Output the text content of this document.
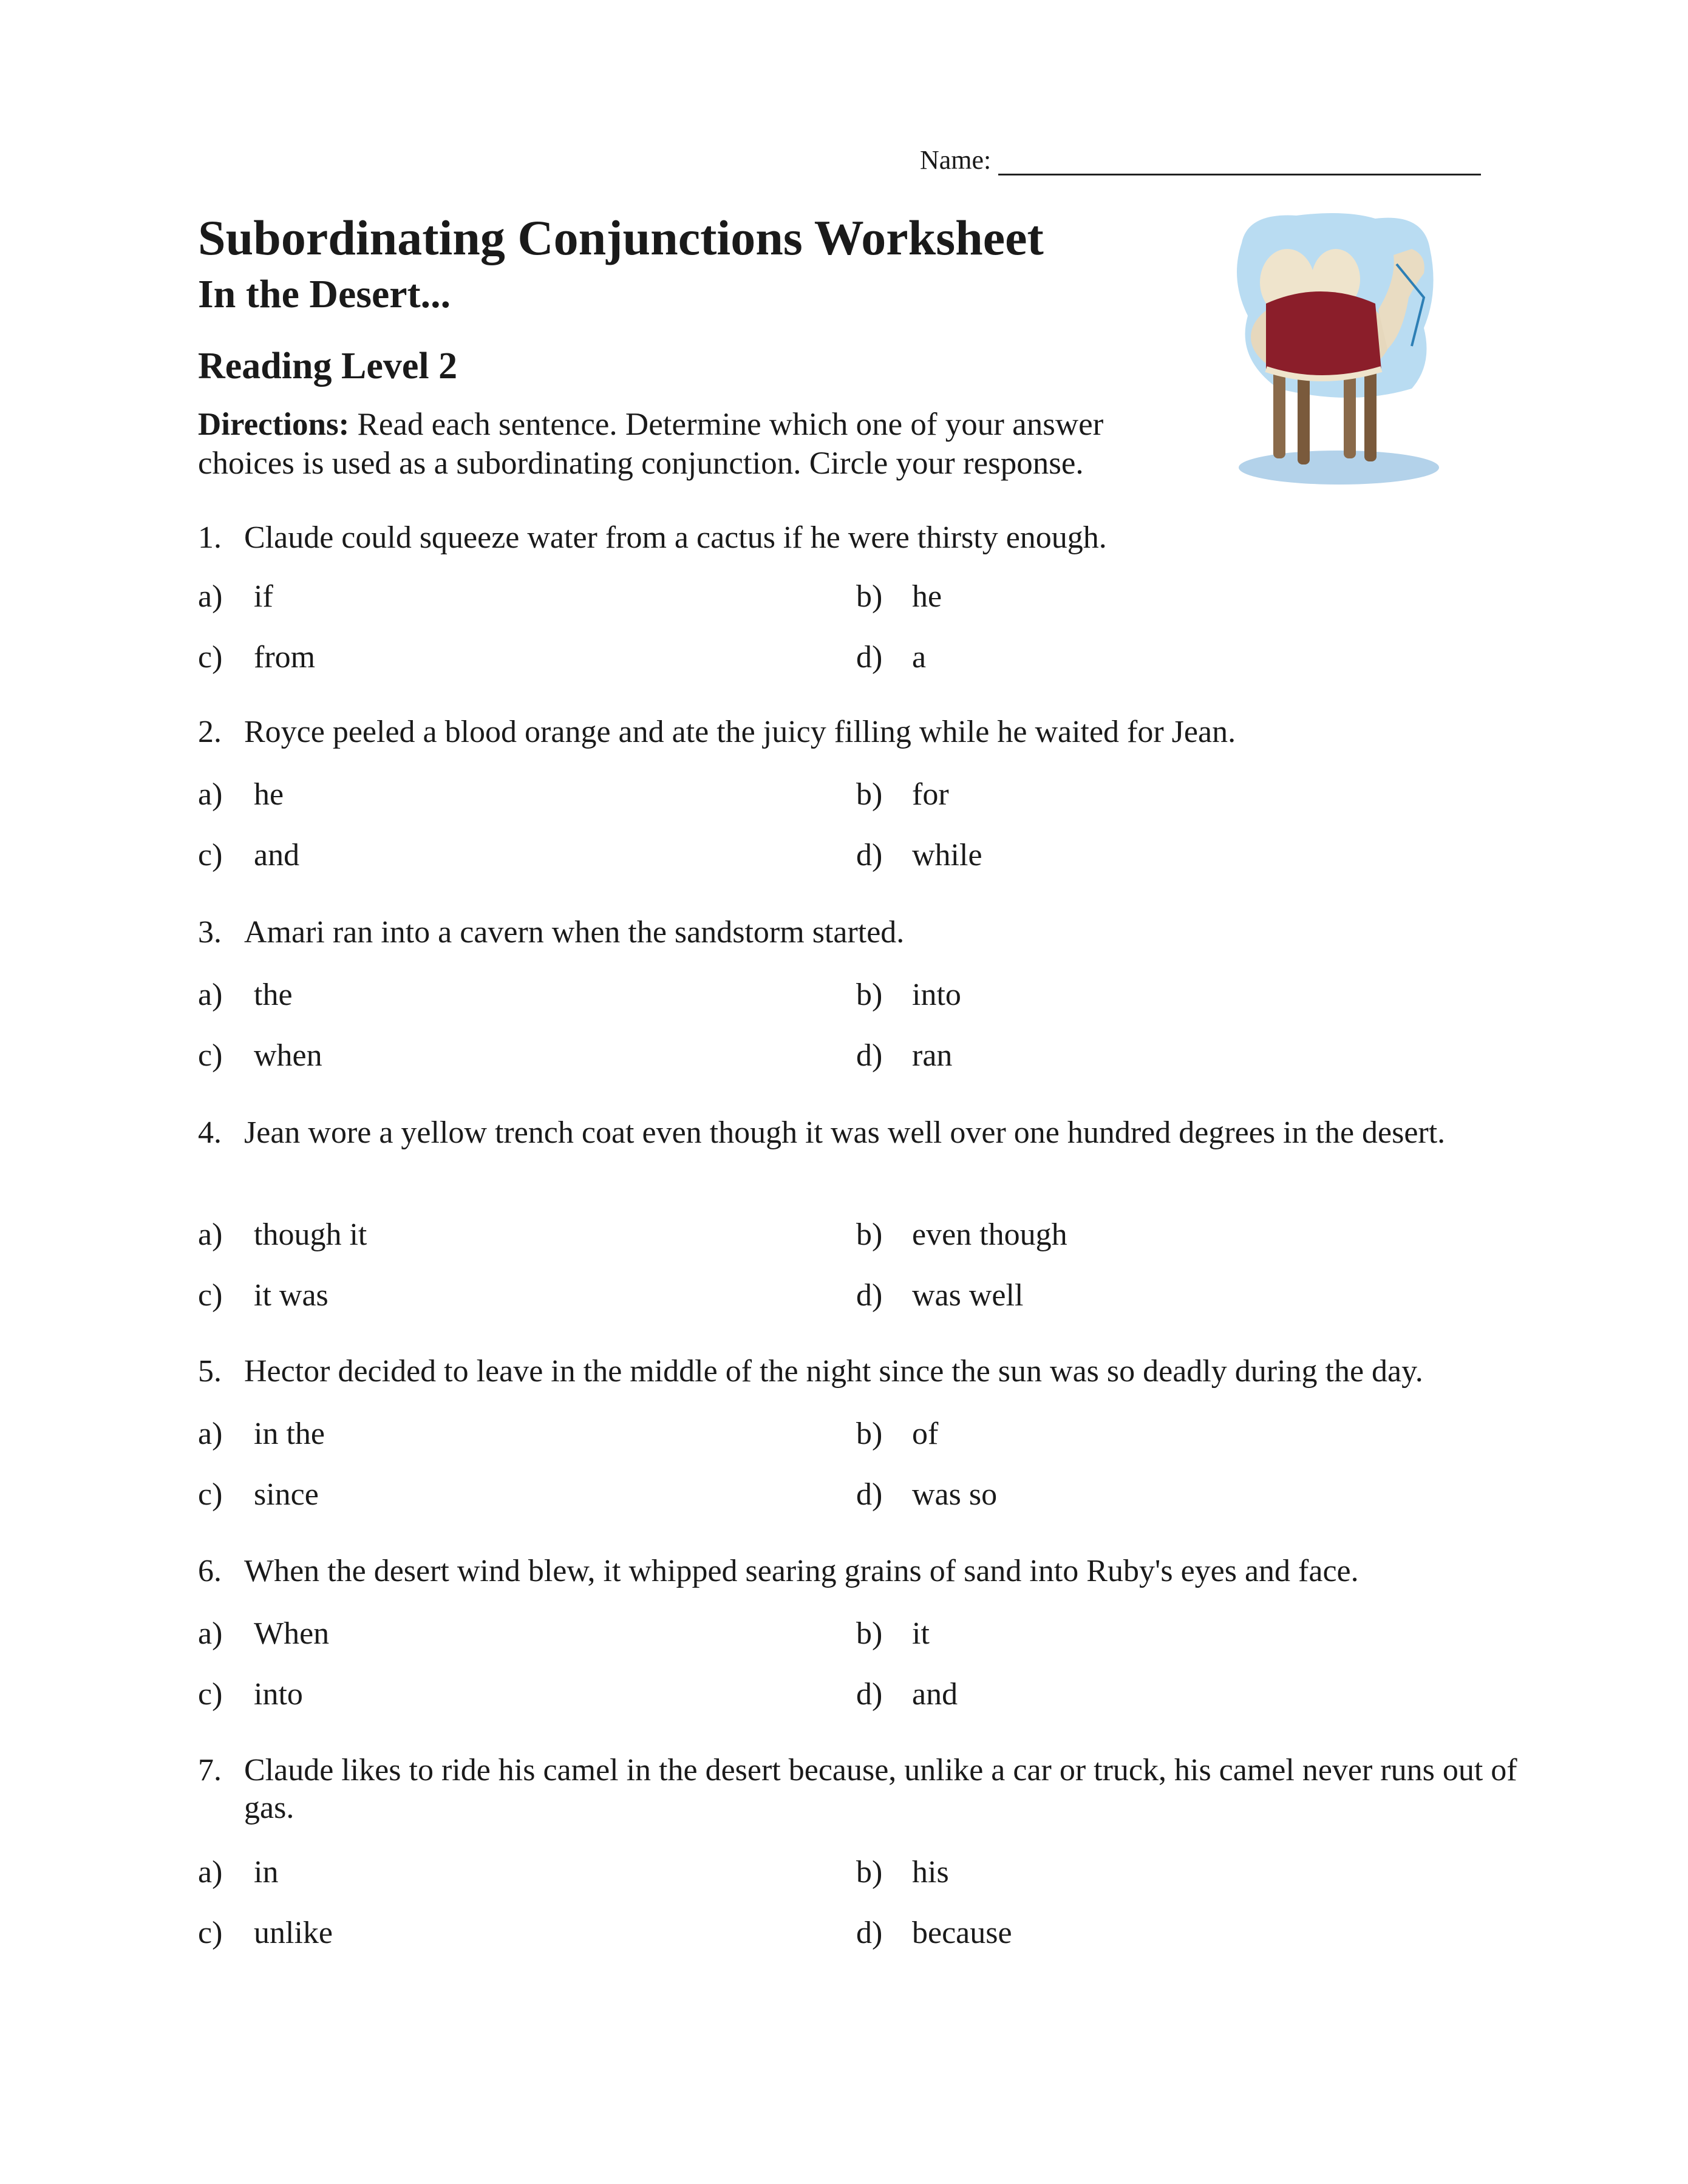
Name:
Subordinating Conjunctions Worksheet
In the Desert...
Reading Level 2

Directions: Read each sentence. Determine which one of your answer choices is used as a subordinating conjunction. Circle your response.

1. Claude could squeeze water from a cactus if he were thirsty enough.
a) if	b) he
c) from	d) a
2. Royce peeled a blood orange and ate the juicy filling while he waited for Jean.
a) he	b) for
c) and	d) while
3. Amari ran into a cavern when the sandstorm started.
a) the	b) into
c) when	d) ran
4. Jean wore a yellow trench coat even though it was well over one hundred degrees in the desert.
a) though it	b) even though
c) it was	d) was well
5. Hector decided to leave in the middle of the night since the sun was so deadly during the day.
a) in the	b) of
c) since	d) was so
6. When the desert wind blew, it whipped searing grains of sand into Ruby's eyes and face.
a) When	b) it
c) into	d) and
7. Claude likes to ride his camel in the desert because, unlike a car or truck, his camel never runs out of gas.
a) in	b) his
c) unlike	d) because
